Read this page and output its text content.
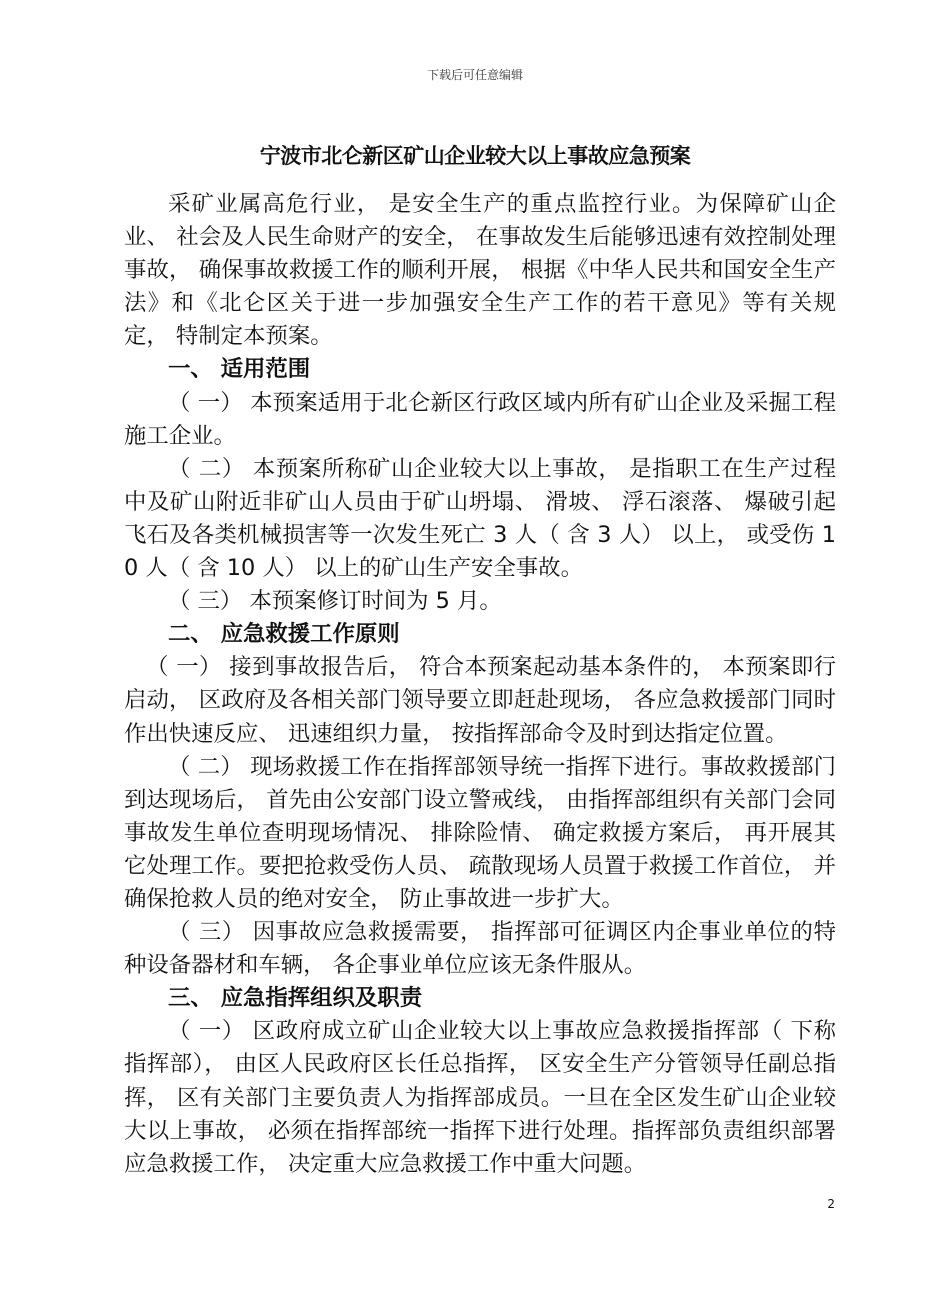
下载后可任意编辑
宁波市北仑新区矿山企业较大以上事故应急预案

采矿业属高危行业， 是安全生产的重点监控行业。为保障矿山企业、 社会及人民生命财产的安全， 在事故发生后能够迅速有效控制处理事故， 确保事故救援工作的顺利开展， 根据《中华人民共和国安全生产法》和《北仑区关于进一步加强安全生产工作的若干意见》等有关规定， 特制定本预案。

一、 适用范围

（ 一） 本预案适用于北仑新区行政区域内所有矿山企业及采掘工程施工企业。

（ 二） 本预案所称矿山企业较大以上事故， 是指职工在生产过程中及矿山附近非矿山人员由于矿山坍塌、 滑坡、 浮石滚落、 爆破引起飞石及各类机械损害等一次发生死亡 3 人（ 含 3 人） 以上， 或受伤 10 人（ 含 10 人） 以上的矿山生产安全事故。

（ 三） 本预案修订时间为 5 月。

二、 应急救援工作原则

（ 一） 接到事故报告后， 符合本预案起动基本条件的， 本预案即行启动， 区政府及各相关部门领导要立即赶赴现场， 各应急救援部门同时作出快速反应、 迅速组织力量， 按指挥部命令及时到达指定位置。

（ 二） 现场救援工作在指挥部领导统一指挥下进行。事故救援部门到达现场后， 首先由公安部门设立警戒线， 由指挥部组织有关部门会同事故发生单位查明现场情况、 排除险情、 确定救援方案后， 再开展其它处理工作。要把抢救受伤人员、 疏散现场人员置于救援工作首位， 并确保抢救人员的绝对安全， 防止事故进一步扩大。

（ 三） 因事故应急救援需要， 指挥部可征调区内企事业单位的特种设备器材和车辆， 各企事业单位应该无条件服从。

三、 应急指挥组织及职责

（ 一） 区政府成立矿山企业较大以上事故应急救援指挥部（ 下称指挥部）， 由区人民政府区长任总指挥， 区安全生产分管领导任副总指挥， 区有关部门主要负责人为指挥部成员。一旦在全区发生矿山企业较大以上事故， 必须在指挥部统一指挥下进行处理。指挥部负责组织部署应急救援工作， 决定重大应急救援工作中重大问题。

2
